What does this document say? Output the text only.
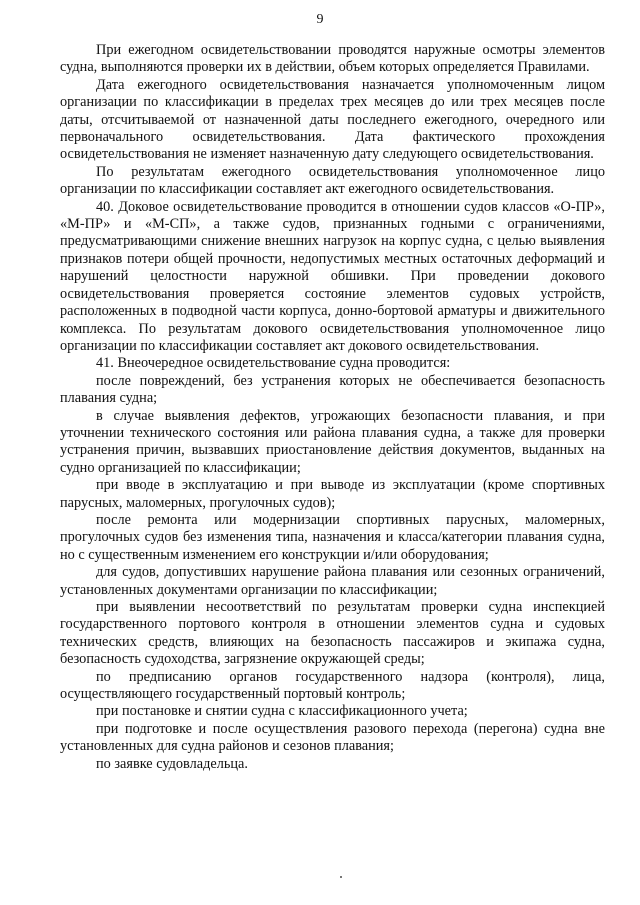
9

При ежегодном освидетельствовании проводятся наружные осмотры элементов судна, выполняются проверки их в действии, объем которых определяется Правилами.

Дата ежегодного освидетельствования назначается уполномоченным лицом организации по классификации в пределах трех месяцев до или трех месяцев после даты, отсчитываемой от назначенной даты последнего ежегодного, очередного или первоначального освидетельствования. Дата фактического прохождения освидетельствования не изменяет назначенную дату следующего освидетельствования.

По результатам ежегодного освидетельствования уполномоченное лицо организации по классификации составляет акт ежегодного освидетельствования.

40. Доковое освидетельствование проводится в отношении судов классов «О-ПР», «М-ПР» и «М-СП», а также судов, признанных годными с ограничениями, предусматривающими снижение внешних нагрузок на корпус судна, с целью выявления признаков потери общей прочности, недопустимых местных остаточных деформаций и нарушений целостности наружной обшивки. При проведении докового освидетельствования проверяется состояние элементов судовых устройств, расположенных в подводной части корпуса, донно-бортовой арматуры и движительного комплекса. По результатам докового освидетельствования уполномоченное лицо организации по классификации составляет акт докового освидетельствования.

41. Внеочередное освидетельствование судна проводится:

после повреждений, без устранения которых не обеспечивается безопасность плавания судна;

в случае выявления дефектов, угрожающих безопасности плавания, и при уточнении технического состояния или района плавания судна, а также для проверки устранения причин, вызвавших приостановление действия документов, выданных на судно организацией по классификации;

при вводе в эксплуатацию и при выводе из эксплуатации (кроме спортивных парусных, маломерных, прогулочных судов);

после ремонта или модернизации спортивных парусных, маломерных, прогулочных судов без изменения типа, назначения и класса/категории плавания судна, но с существенным изменением его конструкции и/или оборудования;

для судов, допустивших нарушение района плавания или сезонных ограничений, установленных документами организации по классификации;

при выявлении несоответствий по результатам проверки судна инспекцией государственного портового контроля в отношении элементов судна и судовых технических средств, влияющих на безопасность пассажиров и экипажа судна, безопасность судоходства, загрязнение окружающей среды;

по предписанию органов государственного надзора (контроля), лица, осуществляющего государственный портовый контроль;

при постановке и снятии судна с классификационного учета;

при подготовке и после осуществления разового перехода (перегона) судна вне установленных для судна районов и сезонов плавания;

по заявке судовладельца.
